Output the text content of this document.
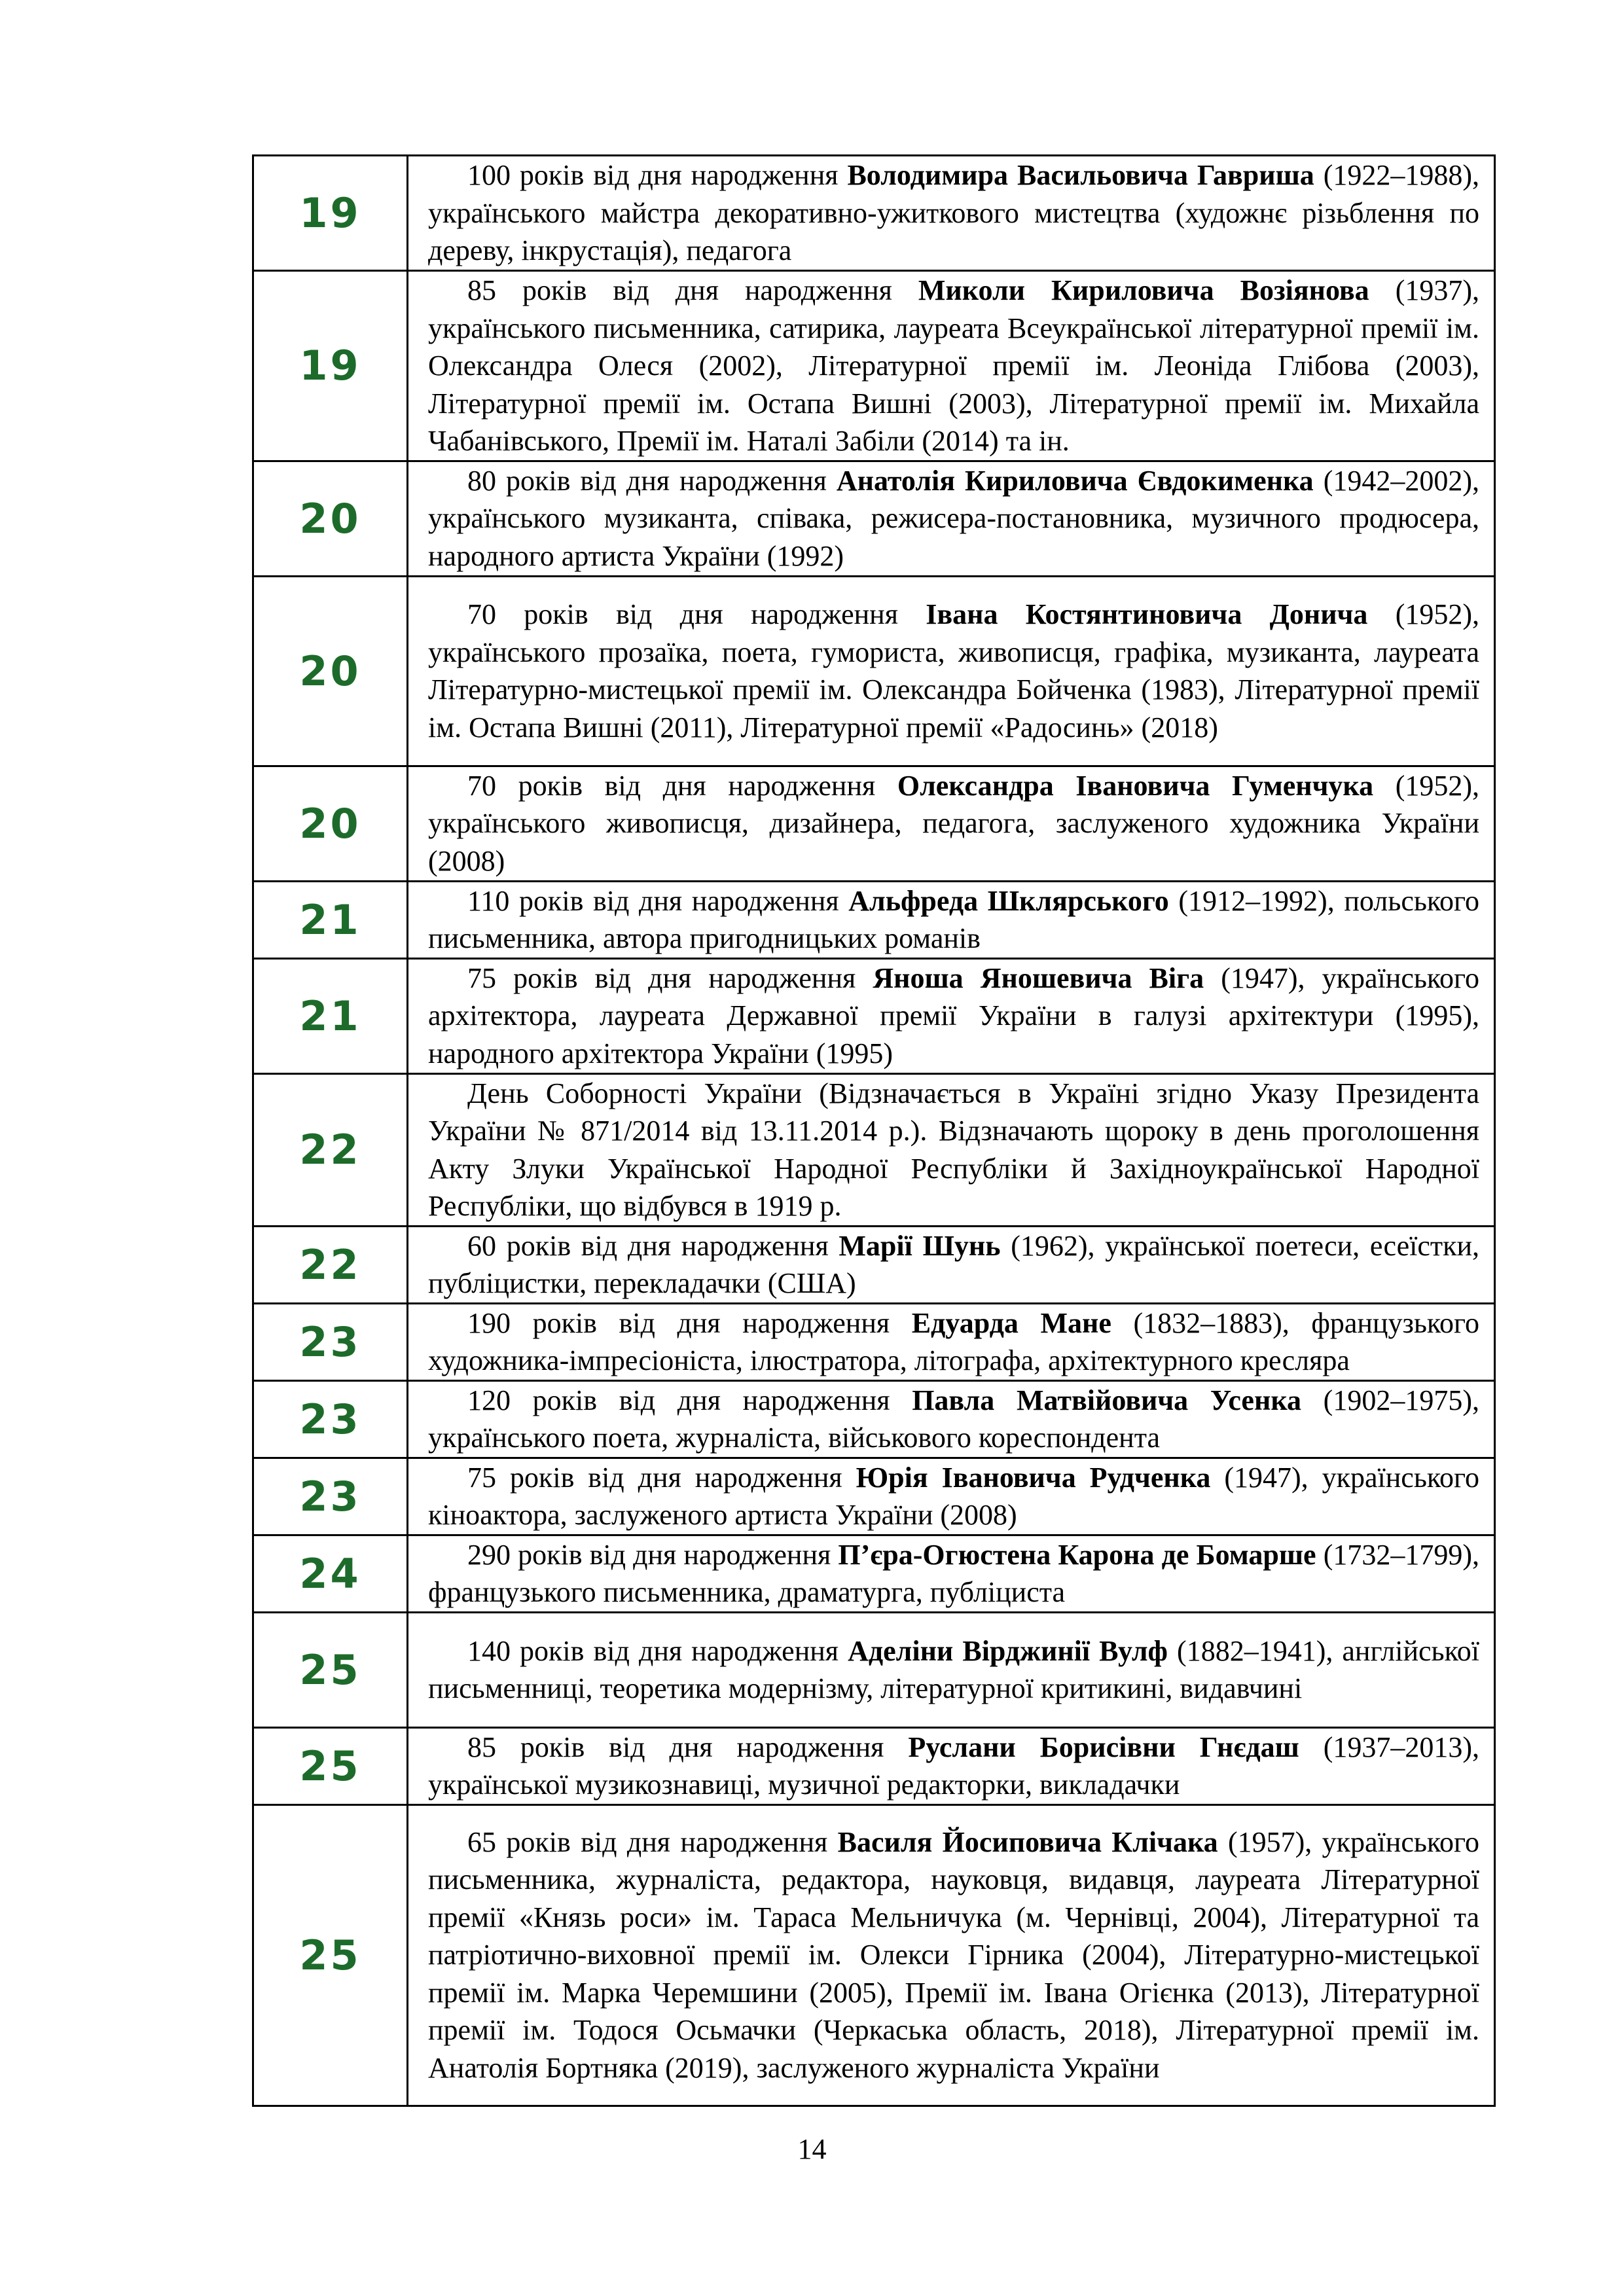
19	100 років від дня народження Володимира Васильовича Гавриша (1922–1988), українського майстра декоративно-ужиткового мистецтва (художнє різьблення по дереву, інкрустація), педагога
19	85 років від дня народження Миколи Кириловича Возіянова (1937), українського письменника, сатирика, лауреата Всеукраїнської літературної премії ім. Олександра Олеся (2002), Літературної премії ім. Леоніда Глібова (2003), Літературної премії ім. Остапа Вишні (2003), Літературної премії ім. Михайла Чабанівського, Премії ім. Наталі Забіли (2014) та ін.
20	80 років від дня народження Анатолія Кириловича Євдокименка (1942–2002), українського музиканта, співака, режисера-постановника, музичного продюсера, народного артиста України (1992)
20	70 років від дня народження Івана Костянтиновича Донича (1952), українського прозаїка, поета, гумориста, живописця, графіка, музиканта, лауреата Літературно-мистецької премії ім. Олександра Бойченка (1983), Літературної премії ім. Остапа Вишні (2011), Літературної премії «Радосинь» (2018)
20	70 років від дня народження Олександра Івановича Гуменчука (1952), українського живописця, дизайнера, педагога, заслуженого художника України (2008)
21	110 років від дня народження Альфреда Шклярського (1912–1992), польського письменника, автора пригодницьких романів
21	75 років від дня народження Яноша Яношевича Віга (1947), українського архітектора, лауреата Державної премії України в галузі архітектури (1995), народного архітектора України (1995)
22	День Соборності України (Відзначається в Україні згідно Указу Президента України № 871/2014 від 13.11.2014 р.). Відзначають щороку в день проголошення Акту Злуки Української Народної Республіки й Західноукраїнської Народної Республіки, що відбувся в 1919 р.
22	60 років від дня народження Марії Шунь (1962), української поетеси, есеїстки, публіцистки, перекладачки (США)
23	190 років від дня народження Едуарда Мане (1832–1883), французького художника-імпресіоніста, ілюстратора, літографа, архітектурного кресляра
23	120 років від дня народження Павла Матвійовича Усенка (1902–1975), українського поета, журналіста, військового кореспондента
23	75 років від дня народження Юрія Івановича Рудченка (1947), українського кіноактора, заслуженого артиста України (2008)
24	290 років від дня народження П’єра-Огюстена Карона де Бомарше (1732–1799), французького письменника, драматурга, публіциста
25	140 років від дня народження Аделіни Вірджинії Вулф (1882–1941), англійської письменниці, теоретика модернізму, літературної критикині, видавчині
25	85 років від дня народження Руслани Борисівни Гнєдаш (1937–2013), української музикознавиці, музичної редакторки, викладачки
25	65 років від дня народження Василя Йосиповича Клічака (1957), українського письменника, журналіста, редактора, науковця, видавця, лауреата Літературної премії «Князь роси» ім. Тараса Мельничука (м. Чернівці, 2004), Літературної та патріотично-виховної премії ім. Олекси Гірника (2004), Літературно-мистецької премії ім. Марка Черемшини (2005), Премії ім. Івана Огієнка (2013), Літературної премії ім. Тодося Осьмачки (Черкаська область, 2018), Літературної премії ім. Анатолія Бортняка (2019), заслуженого журналіста України
14
